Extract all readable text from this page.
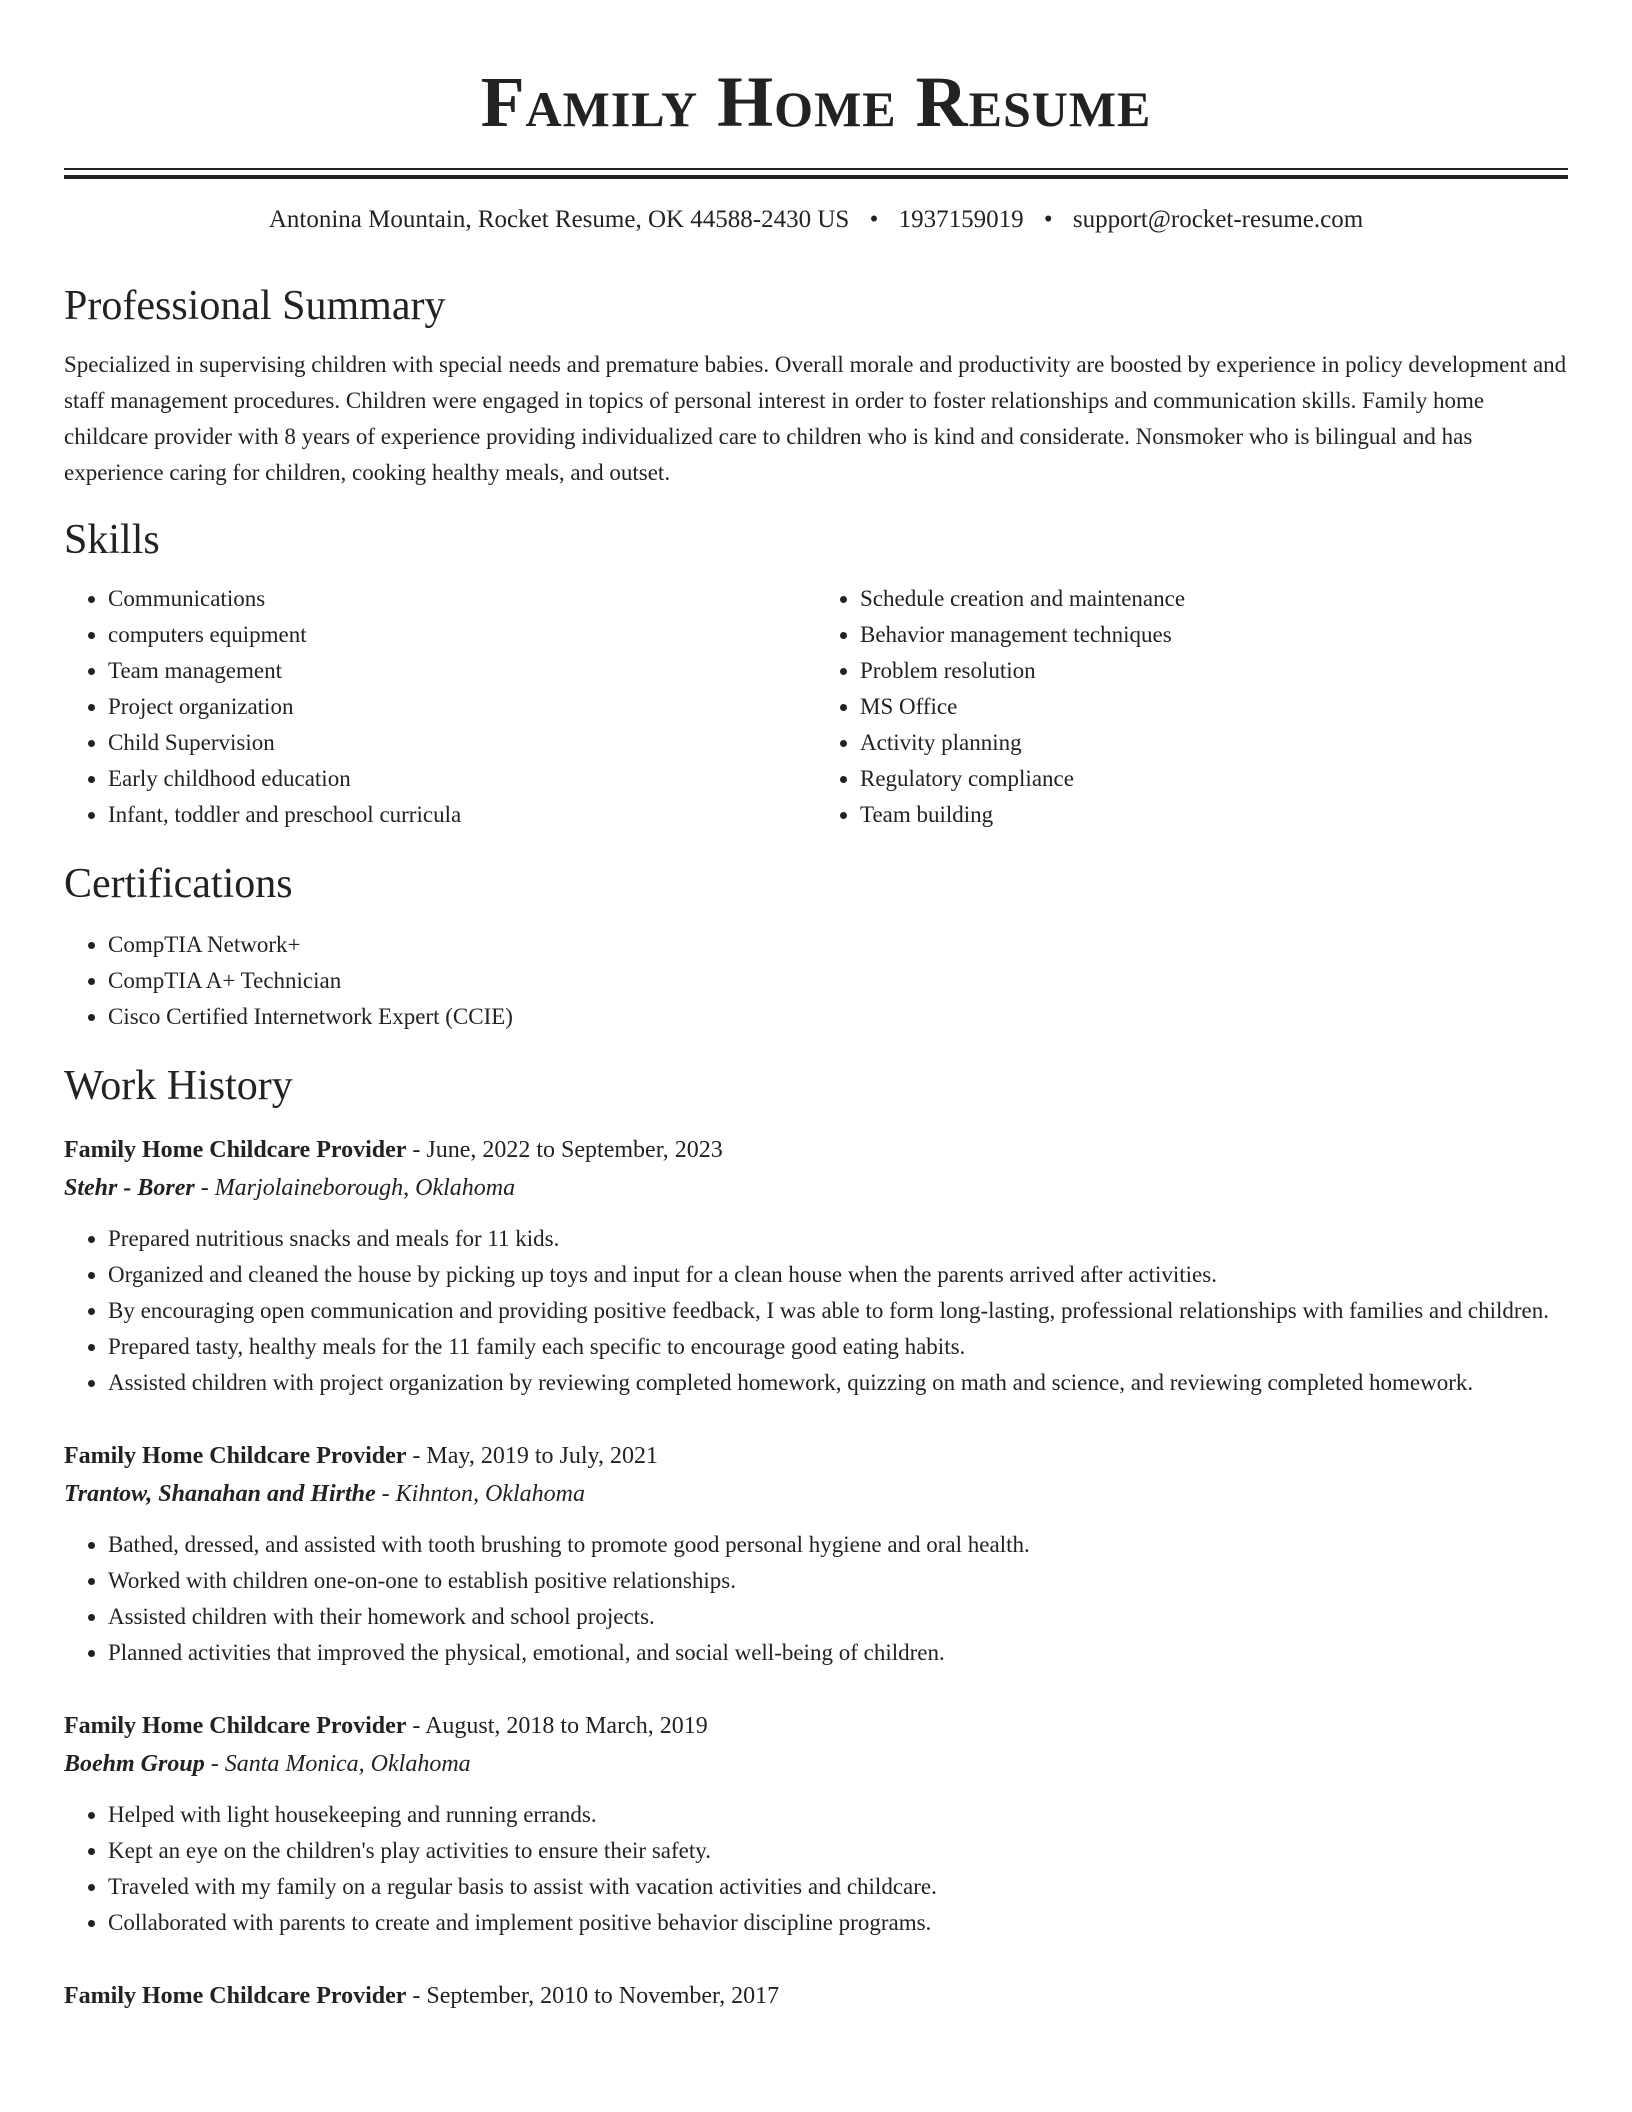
Family Home Resume
Antonina Mountain, Rocket Resume, OK 44588-2430 US • 1937159019 • support@rocket-resume.com
Professional Summary

Specialized in supervising children with special needs and premature babies. Overall morale and productivity are boosted by experience in policy development and staff management procedures. Children were engaged in topics of personal interest in order to foster relationships and communication skills. Family home childcare provider with 8 years of experience providing individualized care to children who is kind and considerate. Nonsmoker who is bilingual and has experience caring for children, cooking healthy meals, and outset.

Skills
• Communications
• computers equipment
• Team management
• Project organization
• Child Supervision
• Early childhood education
• Infant, toddler and preschool curricula
• Schedule creation and maintenance
• Behavior management techniques
• Problem resolution
• MS Office
• Activity planning
• Regulatory compliance
• Team building
Certifications
• CompTIA Network+
• CompTIA A+ Technician
• Cisco Certified Internetwork Expert (CCIE)
Work History
Family Home Childcare Provider - June, 2022 to September, 2023
Stehr - Borer - Marjolaineborough, Oklahoma
• Prepared nutritious snacks and meals for 11 kids.
• Organized and cleaned the house by picking up toys and input for a clean house when the parents arrived after activities.
• By encouraging open communication and providing positive feedback, I was able to form long-lasting, professional relationships with families and children.
• Prepared tasty, healthy meals for the 11 family each specific to encourage good eating habits.
• Assisted children with project organization by reviewing completed homework, quizzing on math and science, and reviewing completed homework.
Family Home Childcare Provider - May, 2019 to July, 2021
Trantow, Shanahan and Hirthe - Kihnton, Oklahoma
• Bathed, dressed, and assisted with tooth brushing to promote good personal hygiene and oral health.
• Worked with children one-on-one to establish positive relationships.
• Assisted children with their homework and school projects.
• Planned activities that improved the physical, emotional, and social well-being of children.
Family Home Childcare Provider - August, 2018 to March, 2019
Boehm Group - Santa Monica, Oklahoma
• Helped with light housekeeping and running errands.
• Kept an eye on the children's play activities to ensure their safety.
• Traveled with my family on a regular basis to assist with vacation activities and childcare.
• Collaborated with parents to create and implement positive behavior discipline programs.
Family Home Childcare Provider - September, 2010 to November, 2017
